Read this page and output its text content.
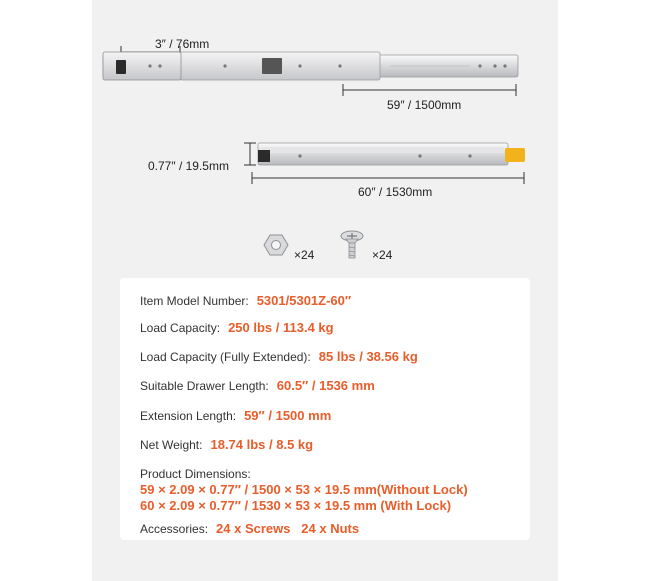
3″ / 76mm
59″ / 1500mm
0.77″ / 19.5mm
60″ / 1530mm
×24	×24
Item Model Number: 5301/5301Z-60″
Load Capacity: 250 lbs / 113.4 kg
Load Capacity (Fully Extended): 85 lbs / 38.56 kg
Suitable Drawer Length: 60.5″ / 1536 mm
Extension Length: 59″ / 1500 mm
Net Weight: 18.74 lbs / 8.5 kg
Product Dimensions:
59 × 2.09 × 0.77″ / 1500 × 53 × 19.5 mm(Without Lock)
60 × 2.09 × 0.77″ / 1530 × 53 × 19.5 mm (With Lock)
Accessories: 24 x Screws   24 x Nuts
